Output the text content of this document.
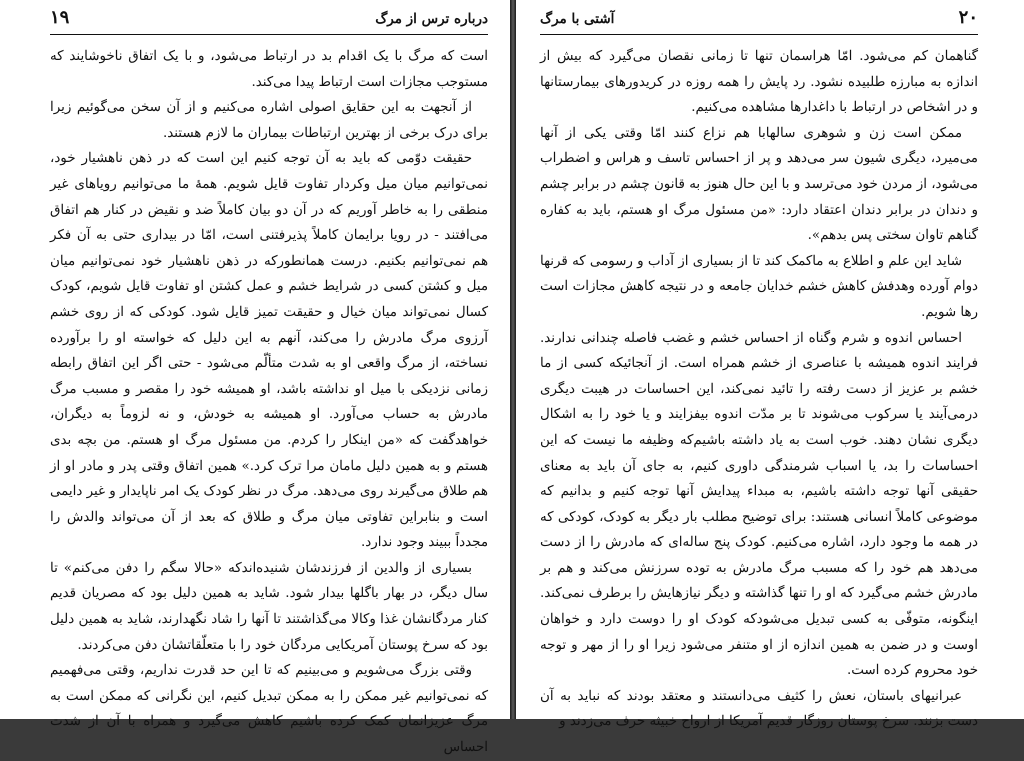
درباره ترس از مرگ
۱۹

است که مرگ با یک اقدام بد در ارتباط می‌شود، و با یک اتفاق ناخوشایند که مستوجب مجازات است ارتباط پیدا می‌کند.

از آنجهت به این حقایق اصولی اشاره می‌کنیم و از آن سخن می‌گوئیم زیرا برای درک برخی از بهترین ارتباطات بیماران ما لازم هستند.

حقیقت دوّمی که باید به آن توجه کنیم این است که در ذهن ناهشیار خود، نمی‌توانیم میان میل وکردار تفاوت قایل شویم. همهٔ ما می‌توانیم رویاهای غیر منطقی را به خاطر آوریم که در آن دو بیان کاملاً ضد و نقیض در کنار هم اتفاق می‌افتند - در رویا برایمان کاملاً پذیرفتنی است، امّا در بیداری حتی به آن فکر هم نمی‌توانیم بکنیم. درست همانطورکه در ذهن ناهشیار خود نمی‌توانیم میان میل و کشتن کسی در شرایط خشم و عمل کشتن او تفاوت قایل شویم، کودک کسال نمی‌تواند میان خیال و حقیقت تمیز قایل شود. کودکی که از روی خشم آرزوی مرگ مادرش را می‌کند، آنهم به این دلیل که خواسته او را برآورده نساخته، از مرگ واقعی او به شدت متألّم می‌شود - حتی اگر این اتفاق رابطه زمانی نزدیکی با میل او نداشته باشد، او همیشه خود را مقصر و مسبب مرگ مادرش به حساب می‌آورد. او همیشه به خودش، و نه لزوماً به دیگران، خواهدگفت که «من اینکار را کردم. من مسئول مرگ او هستم. من بچه بدی هستم و به همین دلیل مامان مرا ترک کرد.» همین اتفاق وقتی پدر و مادر او از هم طلاق می‌گیرند روی می‌دهد. مرگ در نظر کودک یک امر ناپایدار و غیر دایمی است و بنابراین تفاوتی میان مرگ و طلاق که بعد از آن می‌تواند والدش را مجدداً ببیند وجود ندارد.

بسیاری از والدین از فرزندشان شنیده‌اندکه «حالا سگم را دفن می‌کنم» تا سال دیگر، در بهار باگلها بیدار شود. شاید به همین دلیل بود که مصریان قدیم کنار مردگانشان غذا وکالا می‌گذاشتند تا آنها را شاد نگهدارند، شاید به همین دلیل بود که سرخ پوستان آمریکایی مردگان خود را با متعلّقاتشان دفن می‌کردند.

وقتی بزرگ می‌شویم و می‌بینیم که تا این حد قدرت نداریم، وقتی می‌فهمیم که نمی‌توانیم غیر ممکن را به ممکن تبدیل کنیم، این نگرانی که ممکن است به مرگ عزیزانمان کمک کرده باشیم کاهش می‌گیرد و همراه با آن از شدت احساس

آشتی با مرگ	۲۰

گناهمان کم می‌شود. امّا هراسمان تنها تا زمانی نقصان می‌گیرد که بیش از اندازه به مبارزه طلبیده نشود. رد پایش را همه روزه در کریدورهای بیمارستانها و در اشخاص در ارتباط با داغدارها مشاهده می‌کنیم.

ممکن است زن و شوهری سالهابا هم نزاع کنند امّا وقتی یکی از آنها می‌میرد، دیگری شیون سر می‌دهد و پر از احساس تاسف و هراس و اضطراب می‌شود، از مردن خود می‌ترسد و با این حال هنوز به قانون چشم در برابر چشم و دندان در برابر دندان اعتقاد دارد: «من مسئول مرگ او هستم، باید به کفاره گناهم تاوان سختی پس بدهم».

شاید این علم و اطلاع به ماکمک کند تا از بسیاری از آداب و رسومی که قرنها دوام آورده وهدفش کاهش خشم خدایان جامعه و در نتیجه کاهش مجازات است رها شویم.

احساس اندوه و شرم وگناه از احساس خشم و غضب فاصله چندانی ندارند. فرایند اندوه همیشه با عناصری از خشم همراه است. از آنجائیکه کسی از ما خشم بر عزیز از دست رفته را تائید نمی‌کند، این احساسات در هیبت دیگری درمی‌آیند یا سرکوب می‌شوند تا بر مدّت اندوه بیفزایند و یا خود را به اشکال دیگری نشان دهند. خوب است به یاد داشته باشیم‌که وظیفه ما نیست که این احساسات را بد، یا اسباب شرمندگی داوری کنیم، به جای آن باید به معنای حقیقی آنها توجه داشته باشیم، به مبداء پیدایش آنها توجه کنیم و بدانیم که موضوعی کاملاً انسانی هستند: برای توضیح مطلب بار دیگر به کودک، کودکی که در همه ما وجود دارد، اشاره می‌کنیم. کودک پنج ساله‌ای که مادرش را از دست می‌دهد هم خود را که مسبب مرگ مادرش به توده سرزنش می‌کند و هم بر مادرش خشم می‌گیرد که او را تنها گذاشته و دیگر نیازهایش را برطرف نمی‌کند. اینگونه، متوفّی به کسی تبدیل می‌شودکه کودک او را دوست دارد و خواهان اوست و در ضمن به همین اندازه از او متنفر می‌شود زیرا او را از مهر و توجه خود محروم کرده است.

عبرانیهای باستان، نعش را کثیف می‌دانستند و معتقد بودند که نباید به آن دست بزنند. سرخ پوستان روزگار قدیم آمریکا از ارواح خبیثه حرف می‌زدند و
